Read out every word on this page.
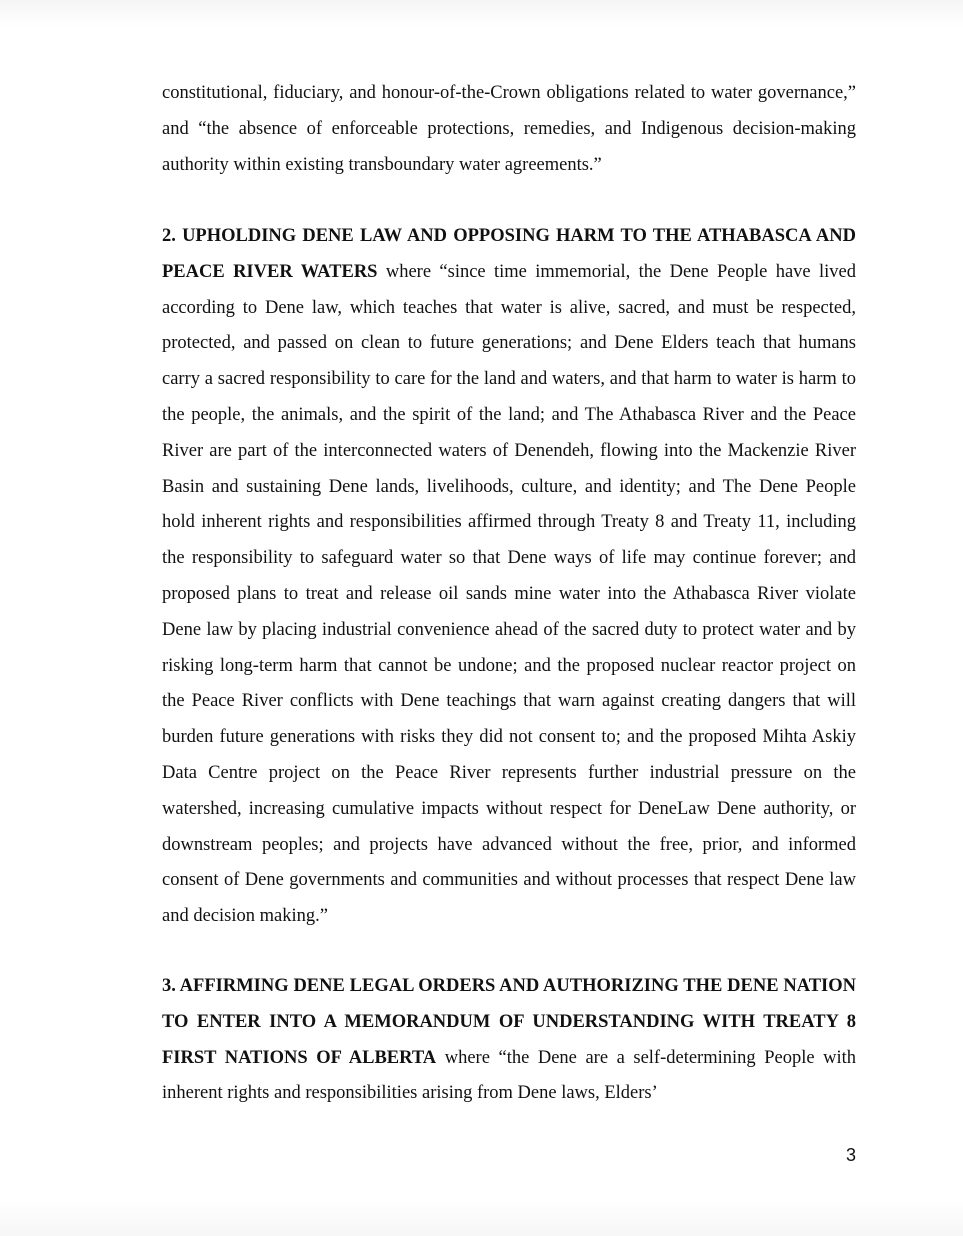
constitutional, fiduciary, and honour-of-the-Crown obligations related to water governance,” and “the absence of enforceable protections, remedies, and Indigenous decision-making authority within existing transboundary water agreements.”
2. UPHOLDING DENE LAW AND OPPOSING HARM TO THE ATHABASCA AND PEACE RIVER WATERS where “since time immemorial, the Dene People have lived according to Dene law, which teaches that water is alive, sacred, and must be respected, protected, and passed on clean to future generations; and Dene Elders teach that humans carry a sacred responsibility to care for the land and waters, and that harm to water is harm to the people, the animals, and the spirit of the land; and The Athabasca River and the Peace River are part of the interconnected waters of Denendeh, flowing into the Mackenzie River Basin and sustaining Dene lands, livelihoods, culture, and identity; and The Dene People hold inherent rights and responsibilities affirmed through Treaty 8 and Treaty 11, including the responsibility to safeguard water so that Dene ways of life may continue forever; and proposed plans to treat and release oil sands mine water into the Athabasca River violate Dene law by placing industrial convenience ahead of the sacred duty to protect water and by risking long-term harm that cannot be undone; and the proposed nuclear reactor project on the Peace River conflicts with Dene teachings that warn against creating dangers that will burden future generations with risks they did not consent to; and the proposed Mihta Askiy Data Centre project on the Peace River represents further industrial pressure on the watershed, increasing cumulative impacts without respect for DeneLaw Dene authority, or downstream peoples; and projects have advanced without the free, prior, and informed consent of Dene governments and communities and without processes that respect Dene law and decision making.”
3. AFFIRMING DENE LEGAL ORDERS AND AUTHORIZING THE DENE NATION TO ENTER INTO A MEMORANDUM OF UNDERSTANDING WITH TREATY 8 FIRST NATIONS OF ALBERTA where “the Dene are a self-determining People with inherent rights and responsibilities arising from Dene laws, Elders’
3
